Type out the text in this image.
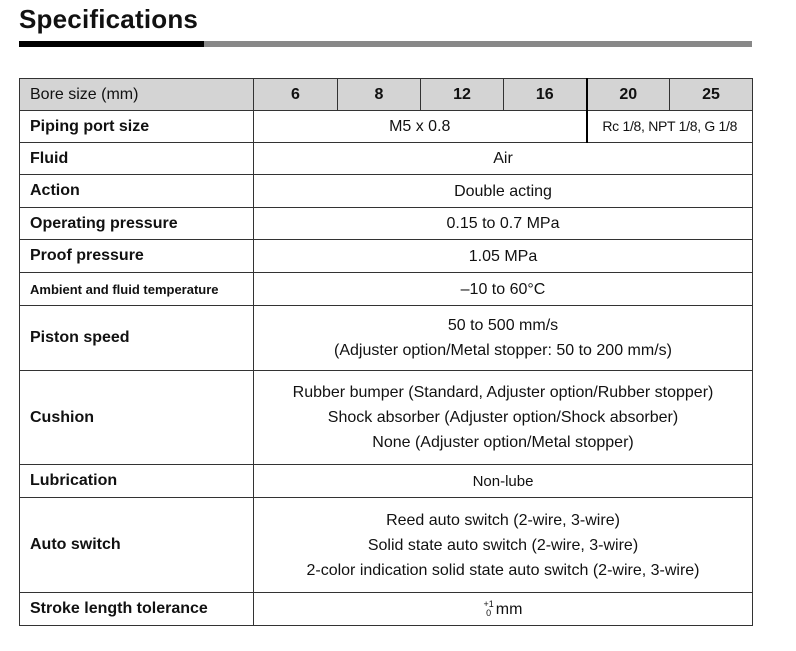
Specifications
Bore size (mm)	6	8	12	16	20	25
Piping port size	M5 x 0.8				Rc 1/8, NPT 1/8, G 1/8	
Fluid	Air					
Action	Double acting					
Operating pressure	0.15 to 0.7 MPa					
Proof pressure	1.05 MPa					
Ambient and fluid temperature	–10 to 60°C					
Piston speed	50 to 500 mm/s
(Adjuster option/Metal stopper: 50 to 200 mm/s)					

Cushion	Rubber bumper (Standard, Adjuster option/Rubber stopper)
Shock absorber (Adjuster option/Shock absorber)
None (Adjuster option/Metal stopper)					

Lubrication	Non-lube					
Auto switch	Reed auto switch (2-wire, 3-wire)
Solid state auto switch (2-wire, 3-wire)
2-color indication solid state auto switch (2-wire, 3-wire)					

Stroke length tolerance	+1
0 mm					
